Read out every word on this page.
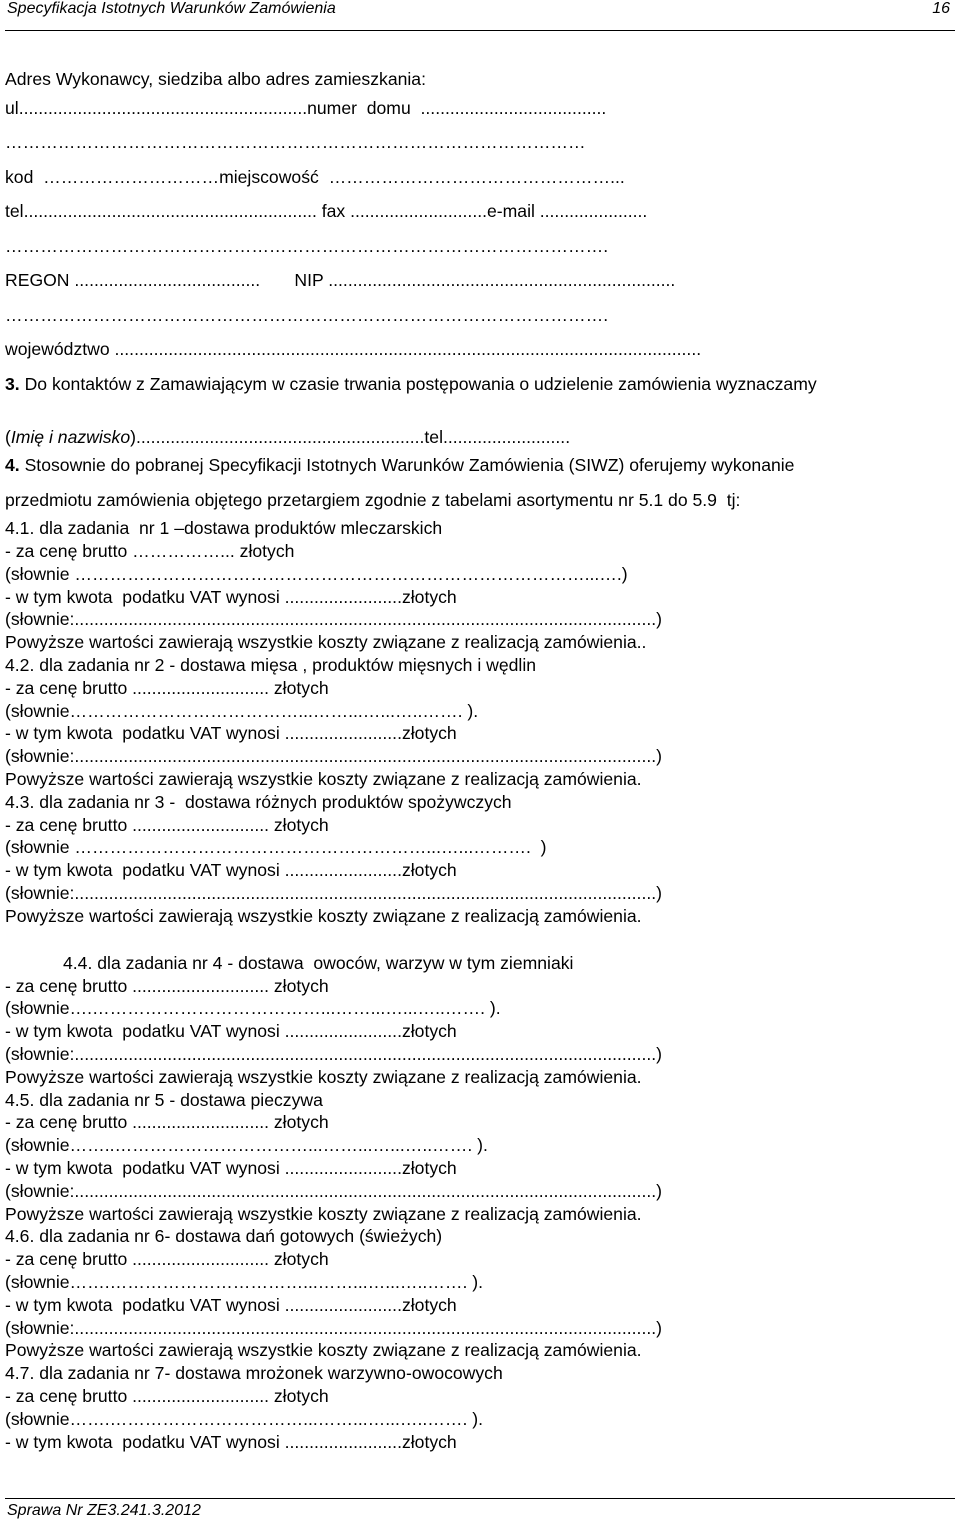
Specyfikacja Istotnych Warunków Zamówienia	16
Adres Wykonawcy, siedziba albo adres zamieszkania:
ul...........................................................numer  domu  ......................................
………………………………………………………………………………………
kod  …………………………miejscowość  …………………………………………...
tel............................................................ fax ............................e-mail ......................
………………………………………………………………………………………….
REGON ......................................       NIP .......................................................................
………………………………………………………………………………………….
województwo ........................................................................................................................
3. Do kontaktów z Zamawiającym w czasie trwania postępowania o udzielenie zamówienia wyznaczamy
(Imię i nazwisko)...........................................................tel..........................
4. Stosownie do pobranej Specyfikacji Istotnych Warunków Zamówienia (SIWZ) oferujemy wykonanie
przedmiotu zamówienia objętego przetargiem zgodnie z tabelami asortymentu nr 5.1 do 5.9  tj:
4.1. dla zadania  nr 1 –dostawa produktów mleczarskich
- za cenę brutto ……………... złotych
(słownie ……………………………………………………………………………...….)
- w tym kwota  podatku VAT wynosi ........................złotych
(słownie:.......................................................................................................................)
Powyższe wartości zawierają wszystkie koszty związane z realizacją zamówienia..
4.2. dla zadania nr 2 - dostawa mięsa , produktów mięsnych i wędlin
- za cenę brutto ............................ złotych
(słownie…………………………………...……...…...…..……. ).
- w tym kwota  podatku VAT wynosi ........................złotych
(słownie:.......................................................................................................................)
Powyższe wartości zawierają wszystkie koszty związane z realizacją zamówienia.
4.3. dla zadania nr 3 -  dostawa różnych produktów spożywczych
- za cenę brutto ............................ złotych
(słownie ……………………………………………………...…...……….  )
- w tym kwota  podatku VAT wynosi ........................złotych
(słownie:.......................................................................................................................)
Powyższe wartości zawierają wszystkie koszty związane z realizacją zamówienia.
4.4. dla zadania nr 4 - dostawa  owoców, warzyw w tym ziemniaki
- za cenę brutto ............................ złotych
(słownie….…………………………………...……...…...…..……. ).
- w tym kwota  podatku VAT wynosi ........................złotych
(słownie:.......................................................................................................................)
Powyższe wartości zawierają wszystkie koszty związane z realizacją zamówienia.
4.5. dla zadania nr 5 - dostawa pieczywa
- za cenę brutto ............................ złotych
(słownie……..……………………………...……...…...…..……. ).
- w tym kwota  podatku VAT wynosi ........................złotych
(słownie:.......................................................................................................................)
Powyższe wartości zawierają wszystkie koszty związane z realizacją zamówienia.
4.6. dla zadania nr 6- dostawa dań gotowych (świeżych)
- za cenę brutto ............................ złotych
(słownie…….……………………………...……...…...…..……. ).
- w tym kwota  podatku VAT wynosi ........................złotych
(słownie:.......................................................................................................................)
Powyższe wartości zawierają wszystkie koszty związane z realizacją zamówienia.
4.7. dla zadania nr 7- dostawa mrożonek warzywno-owocowych
- za cenę brutto ............................ złotych
(słownie…….……………………………...……...…...…..……. ).
- w tym kwota  podatku VAT wynosi ........................złotych
Sprawa Nr ZE3.241.3.2012
